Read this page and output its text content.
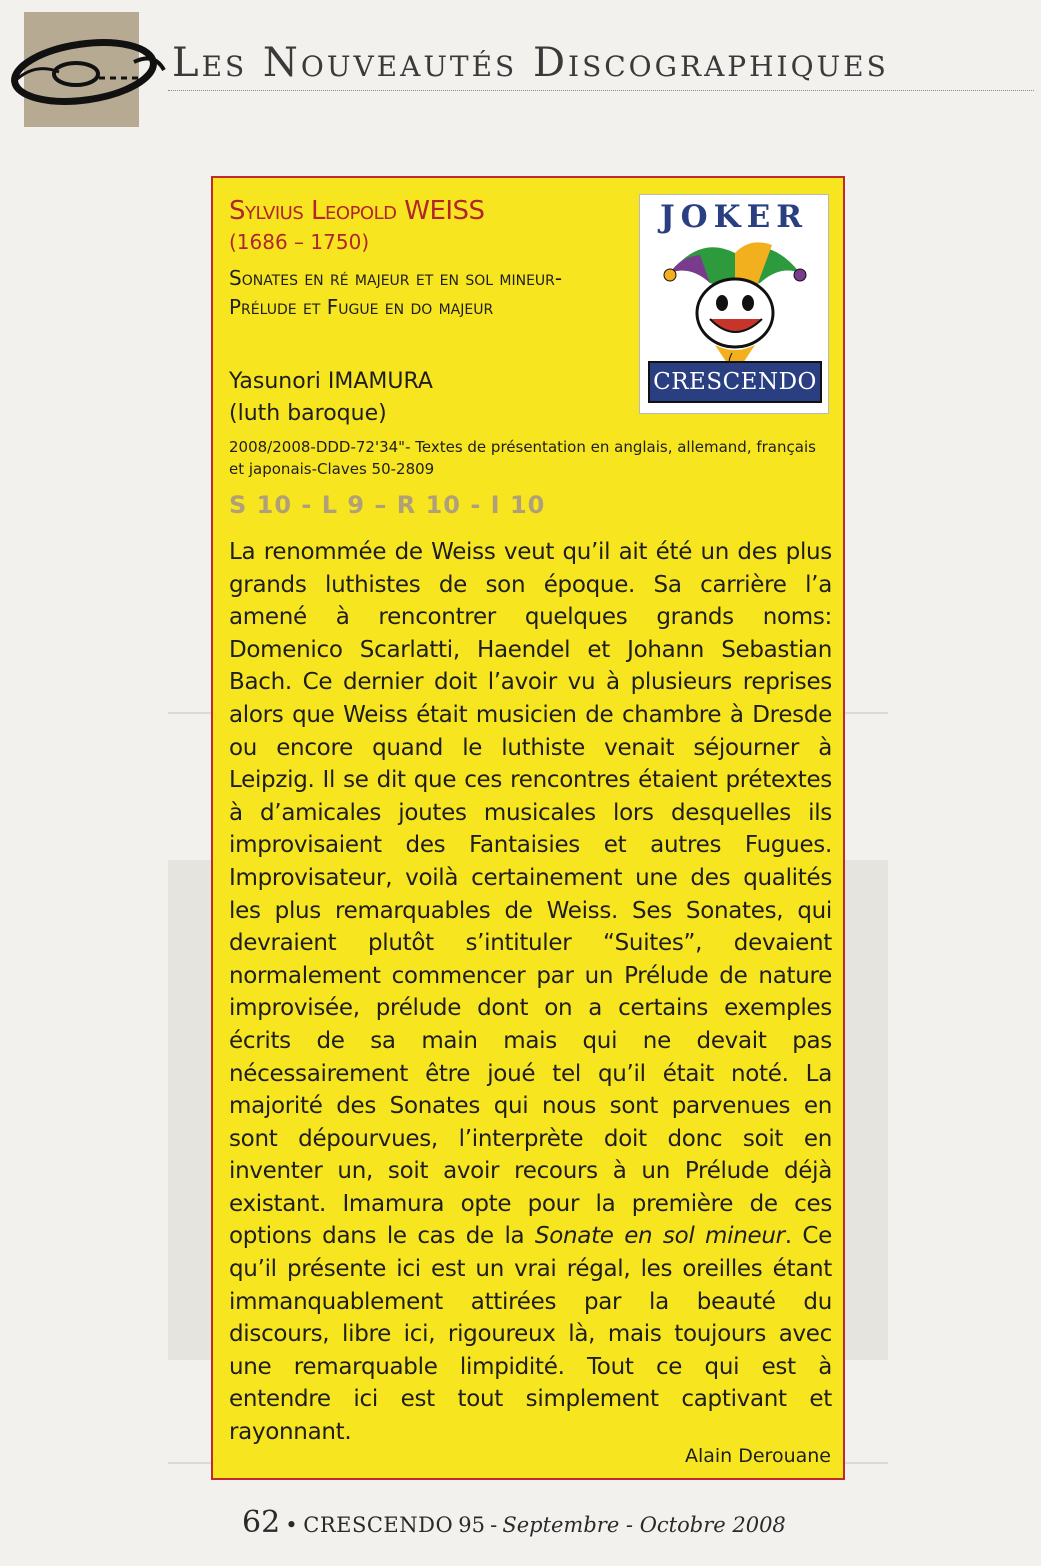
Les Nouveautés Discographiques
Sylvius Leopold WEISS
(1686 – 1750)
Sonates en ré majeur et en sol mineur-Prélude et Fugue en do majeur
Yasunori IMAMURA
(luth baroque)
2008/2008-DDD-72'34"- Textes de présentation en anglais, allemand, français et japonais-Claves 50-2809
S 10 - L 9 – R 10 - I 10
La renommée de Weiss veut qu’il ait été un des plus grands luthistes de son époque. Sa carrière l’a amené à rencontrer quelques grands noms: Domenico Scarlatti, Haendel et Johann Sebastian Bach. Ce dernier doit l’avoir vu à plusieurs reprises alors que Weiss était musicien de chambre à Dresde ou encore quand le luthiste venait séjourner à Leipzig. Il se dit que ces rencontres étaient prétextes à d’amicales joutes musicales lors desquelles ils improvisaient des Fantaisies et autres Fugues. Improvisateur, voilà certainement une des qualités les plus remarquables de Weiss. Ses Sonates, qui devraient plutôt s’intituler “Suites”, devaient normalement commencer par un Prélude de nature improvisée, prélude dont on a certains exemples écrits de sa main mais qui ne devait pas nécessairement être joué tel qu’il était noté. La majorité des Sonates qui nous sont parvenues en sont dépourvues, l’interprète doit donc soit en inventer un, soit avoir recours à un Prélude déjà existant. Imamura opte pour la première de ces options dans le cas de la Sonate en sol mineur. Ce qu’il présente ici est un vrai régal, les oreilles étant immanquablement attirées par la beauté du discours, libre ici, rigoureux là, mais toujours avec une remarquable limpidité. Tout ce qui est à entendre ici est tout simplement captivant et rayonnant.
Alain Derouane
JOKER
CRESCENDO
62 • CRESCENDO 95 - Septembre - Octobre 2008
